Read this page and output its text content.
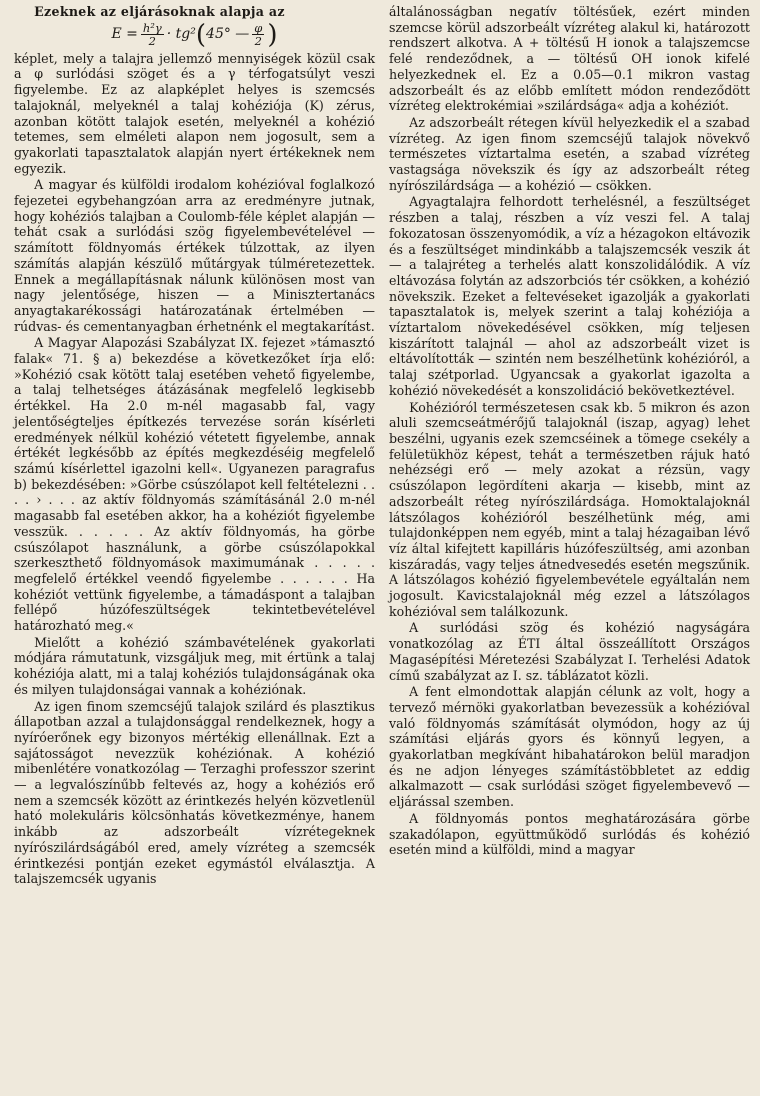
Ezeknek az eljárásoknak alapja az

$E = \frac{\text{h²γ}}{2} \cdot tg^2$ ( 45° — $\frac{\varphi}{2}$ )

képlet, mely a talajra jellemző mennyiségek közül csak a φ surlódási szöget és a γ térfogatsúlyt veszi figyelembe. Ez az alapképlet helyes is szemcsés talajoknál, melyeknél a talaj kohéziója (K) zérus, azonban kötött talajok esetén, melyeknél a kohézió tetemes, sem elméleti alapon nem jogosult, sem a gyakorlati tapasztalatok alapján nyert értékeknek nem egyezik.

A magyar és külföldi irodalom kohézióval foglalkozó fejezetei egybehangzóan arra az eredményre jutnak, hogy kohéziós talajban a Coulomb-féle képlet alapján — tehát csak a surlódási szög figyelembevételével — számított földnyomás értékek túlzottak, az ilyen számítás alapján készülő műtárgyak túlméretezettek. Ennek a megállapításnak nálunk különösen most van nagy jelentősége, hiszen — a Minisztertanács anyagtakarékossági határozatának értelmében — rúdvas- és cementanyagban érhetnénk el megtakarítást.

A Magyar Alapozási Szabályzat IX. fejezet »támasztó falak« 71. § a) bekezdése a következőket írja elő: »Kohézió csak kötött talaj esetében vehető figyelembe, a talaj telhetséges átázásának megfelelő legkisebb értékkel. Ha 2.0 m-nél magasabb fal, vagy jelentőségteljes építkezés tervezése során kísérleti eredmények nélkül kohézió vétetett figyelembe, annak értékét legkésőbb az építés megkezdéséig megfelelő számú kísérlettel igazolni kell«. Ugyanezen paragrafus b) bekezdésében: »Görbe csúszólapot kell feltételezni . . . . › . . . az aktív földnyomás számításánál 2.0 m-nél magasabb fal esetében akkor, ha a kohéziót figyelembe vesszük. . . . . . Az aktív földnyomás, ha görbe csúszólapot használunk, a görbe csúszólapokkal szerkeszthető földnyomások maximumának . . . . . megfelelő értékkel veendő figyelembe . . . . . . Ha kohéziót vettünk figyelembe, a támadáspont a talajban fellépő húzófeszültségek tekintetbevételével határozható meg.«

Mielőtt a kohézió számbavételének gyakorlati módjára rámutatunk, vizsgáljuk meg, mit értünk a talaj kohéziója alatt, mi a talaj kohéziós tulajdonságának oka és milyen tulajdonságai vannak a kohéziónak.

Az igen finom szemcséjű talajok szilárd és plasztikus állapotban azzal a tulajdonsággal rendelkeznek, hogy a nyíróerőnek egy bizonyos mértékig ellenállnak. Ezt a sajátosságot nevezzük kohéziónak. A kohézió mibenlétére vonatkozólag — Terzaghi professzor szerint — a legvalószínűbb feltevés az, hogy a kohéziós erő nem a szemcsék között az érintkezés helyén közvetlenül ható molekuláris kölcsönhatás következménye, hanem inkább az adszorbeált vízrétegeknek nyírószilárdságából ered, amely vízréteg a szemcsék érintkezési pontján ezeket egymástól elválasztja. A talajszemcsék ugyanis

általánosságban negatív töltésűek, ezért minden szemcse körül adszorbeált vízréteg alakul ki, határozott rendszert alkotva. A + töltésű H ionok a talajszemcse felé rendeződnek, a — töltésű OH ionok kifelé helyezkednek el. Ez a 0.05—0.1 mikron vastag adszorbeált és az előbb említett módon rendeződött vízréteg elektrokémiai »szilárdsága« adja a kohéziót.

Az adszorbeált rétegen kívül helyezkedik el a szabad vízréteg. Az igen finom szemcséjű talajok növekvő természetes víztartalma esetén, a szabad vízréteg vastagsága növekszik és így az adszorbeált réteg nyírószilárdsága — a kohézió — csökken.

Agyagtalajra felhordott terhelésnél, a feszültséget részben a talaj, részben a víz veszi fel. A talaj fokozatosan összenyomódik, a víz a hézagokon eltávozik és a feszültséget mindinkább a talajszemcsék veszik át — a talajréteg a terhelés alatt konszolidálódik. A víz eltávozása folytán az adszorbciós tér csökken, a kohézió növekszik. Ezeket a feltevéseket igazolják a gyakorlati tapasztalatok is, melyek szerint a talaj kohéziója a víztartalom növekedésével csökken, míg teljesen kiszárított talajnál — ahol az adszorbeált vizet is eltávolították — szintén nem beszélhetünk kohézióról, a talaj szétporlad. Ugyancsak a gyakorlat igazolta a kohézió növekedését a konszolidáció bekövetkeztével.

Kohézióról természetesen csak kb. 5 mikron és azon aluli szemcseátmérőjű talajoknál (iszap, agyag) lehet beszélni, ugyanis ezek szemcséinek a tömege csekély a felületükhöz képest, tehát a természetben rájuk ható nehézségi erő — mely azokat a rézsün, vagy csúszólapon legördíteni akarja — kisebb, mint az adszorbeált réteg nyírószilárdsága. Homoktalajoknál látszólagos kohézióról beszélhetünk még, ami tulajdonképpen nem egyéb, mint a talaj hézagaiban lévő víz által kifejtett kapilláris húzófeszültség, ami azonban kiszáradás, vagy teljes átnedvesedés esetén megszűnik. A látszólagos kohézió figyelembevétele egyáltalán nem jogosult. Kavicstalajoknál még ezzel a látszólagos kohézióval sem találkozunk.

A surlódási szög és kohézió nagyságára vonatkozólag az ÉTI által összeállított Országos Magasépítési Méretezési Szabályzat I. Terhelési Adatok című szabályzat az I. sz. táblázatot közli.

A fent elmondottak alapján célunk az volt, hogy a tervező mérnöki gyakorlatban bevezessük a kohézióval való földnyomás számítását olymódon, hogy az új számítási eljárás gyors és könnyű legyen, a gyakorlatban megkívánt hibahatárokon belül maradjon és ne adjon lényeges számítástöbbletet az eddig alkalmazott — csak surlódási szöget figyelembevevő — eljárással szemben.

A földnyomás pontos meghatározására görbe szakadólapon, együttműködő surlódás és kohézió esetén mind a külföldi, mind a magyar
